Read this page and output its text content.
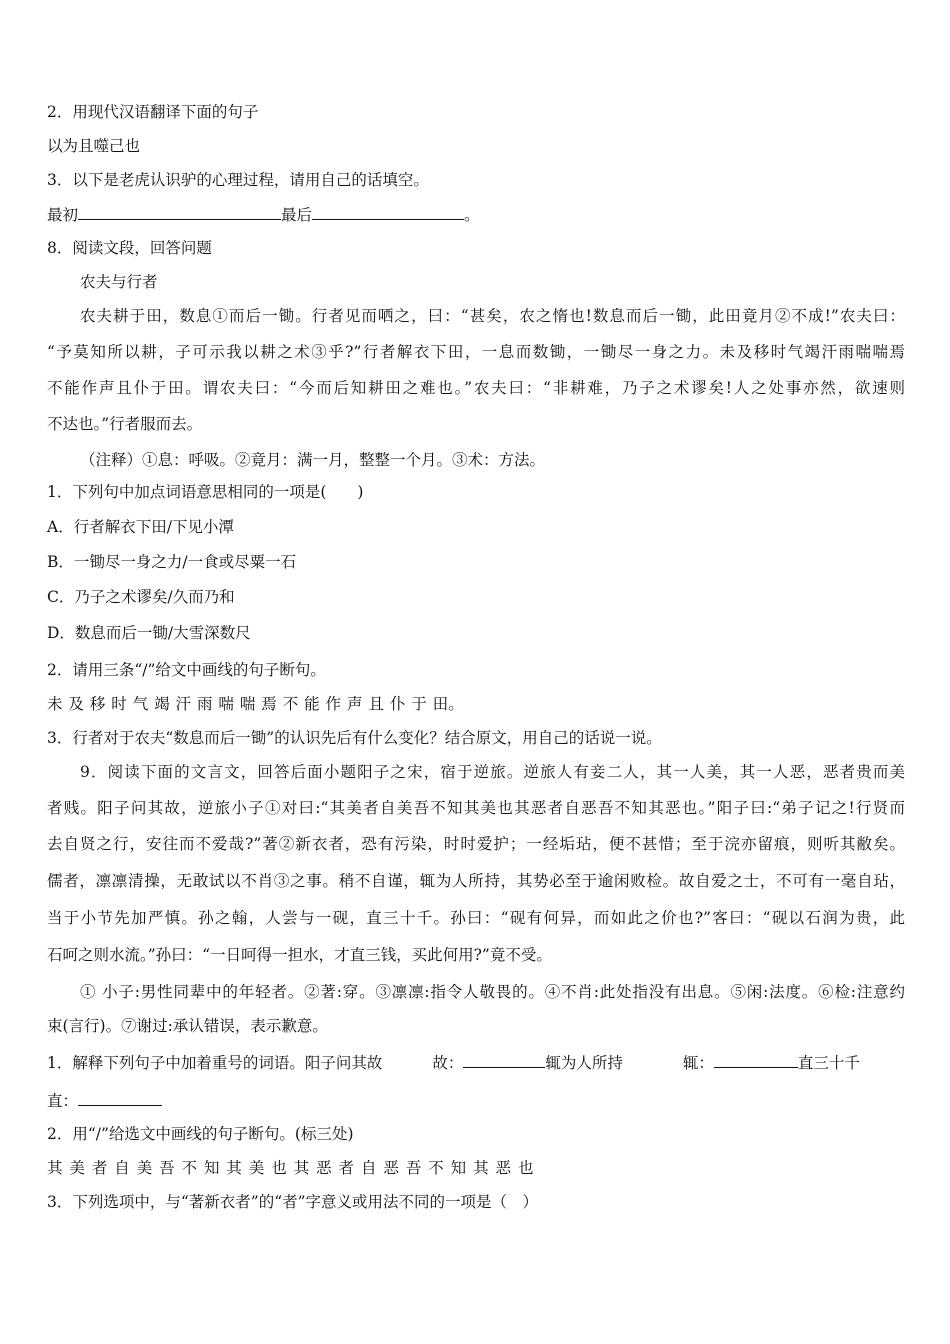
2．用现代汉语翻译下面的句子
以为且噬己也
3．以下是老虎认识驴的心理过程，请用自己的话填空。
最初	最后	。
8．阅读文段，回答问题
农夫与行者
农夫耕于田，数息①而后一锄。行者见而哂之，曰：“甚矣，农之惰也!数息而后一锄，此田竟月②不成!”农夫曰：
“予莫知所以耕，子可示我以耕之术③乎?”行者解衣下田，一息而数锄，一锄尽一身之力。未及移时气竭汗雨喘喘焉
不能作声且仆于田。谓农夫曰：“今而后知耕田之难也。”农夫曰：“非耕难，乃子之术谬矣!人之处事亦然，欲速则
不达也。”行者服而去。
（注释）①息：呼吸。②竟月：满一月，整整一个月。③术：方法。
1．下列句中加点词语意思相同的一项是(　　)
A．行者解衣下田/下见小潭
B．一锄尽一身之力/一食或尽粟一石
C．乃子之术谬矣/久而乃和
D．数息而后一锄/大雪深数尺
2．请用三条“/”给文中画线的句子断句。
未 及 移 时 气 竭 汗 雨 喘 喘 焉 不 能 作 声 且 仆 于 田。
3．行者对于农夫“数息而后一锄”的认识先后有什么变化？结合原文，用自己的话说一说。
9．阅读下面的文言文，回答后面小题阳子之宋，宿于逆旅。逆旅人有妾二人，其一人美，其一人恶，恶者贵而美
者贱。阳子问其故，逆旅小子①对曰:“其美者自美吾不知其美也其恶者自恶吾不知其恶也。”阳子曰:“弟子记之!行贤而
去自贤之行，安往而不爱哉?”著②新衣者，恐有污染，时时爱护；一经垢玷，便不甚惜；至于浣亦留痕，则听其敝矣。
儒者，凛凛清操，无敢试以不肖③之事。稍不自谨，辄为人所持，其势必至于逾闲败检。故自爱之士，不可有一毫自玷，
当于小节先加严慎。孙之翰，人尝与一砚，直三十千。孙曰：“砚有何异，而如此之价也?”客曰：“砚以石润为贵，此
石呵之则水流。”孙曰：“一日呵得一担水，才直三钱，买此何用?”竟不受。
① 小子:男性同辈中的年轻者。②著:穿。③凛凛:指令人敬畏的。④不肖:此处指没有出息。⑤闲:法度。⑥检:注意约
束(言行)。⑦谢过:承认错误，表示歉意。
1．解释下列句子中加着重号的词语。阳子问其故	故：	辄为人所持	辄：	直三十千
直：
2．用“/”给选文中画线的句子断句。(标三处)
其 美 者 自 美 吾 不 知 其 美 也 其 恶 者 自 恶 吾 不 知 其 恶 也
3．下列选项中，与“著新衣者”的“者”字意义或用法不同的一项是（　）
